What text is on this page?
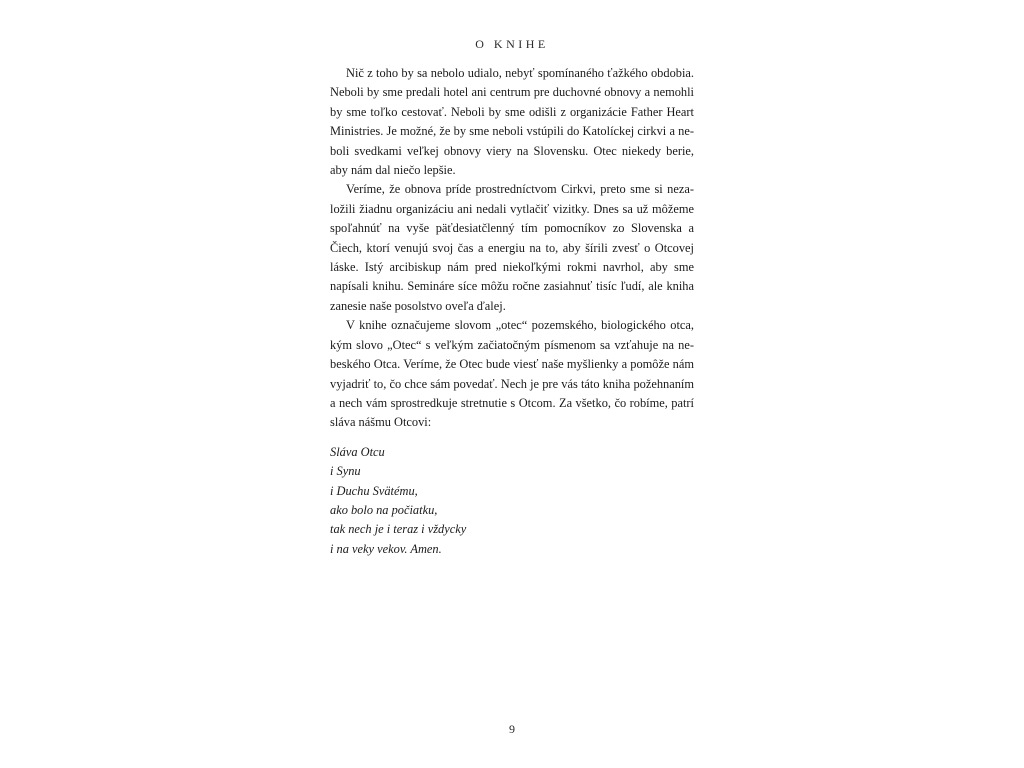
O KNIHE

Nič z toho by sa nebolo udialo, nebyť spomínaného ťažkého obdobia. Neboli by sme predali hotel ani centrum pre duchovné obnovy a nemohli by sme toľko cestovať. Neboli by sme odišli z organizácie Father Heart Ministries. Je možné, že by sme neboli vstúpili do Katolíckej cirkvi a neboli svedkami veľkej obnovy viery na Slovensku. Otec niekedy berie, aby nám dal niečo lepšie.

Veríme, že obnova príde prostredníctvom Cirkvi, preto sme si nezaložili žiadnu organizáciu ani nedali vytlačiť vizitky. Dnes sa už môžeme spoľahnúť na vyše päťdesiatčlenný tím pomocníkov zo Slovenska a Čiech, ktorí venujú svoj čas a energiu na to, aby šírili zvesť o Otcovej láske. Istý arcibiskup nám pred niekoľkými rokmi navrhol, aby sme napísali knihu. Semináre síce môžu ročne zasiahnuť tisíc ľudí, ale kniha zanesie naše posolstvo oveľa ďalej.

V knihe označujeme slovom „otec“ pozemského, biologického otca, kým slovo „Otec“ s veľkým začiatočným písmenom sa vzťahuje na nebeského Otca. Veríme, že Otec bude viesť naše myšlienky a pomôže nám vyjadriť to, čo chce sám povedať. Nech je pre vás táto kniha požehnaním a nech vám sprostredkuje stretnutie s Otcom. Za všetko, čo robíme, patrí sláva nášmu Otcovi:

Sláva Otcu
i Synu
i Duchu Svätému,
ako bolo na počiatku,
tak nech je i teraz i vždycky
i na veky vekov. Amen.
9
